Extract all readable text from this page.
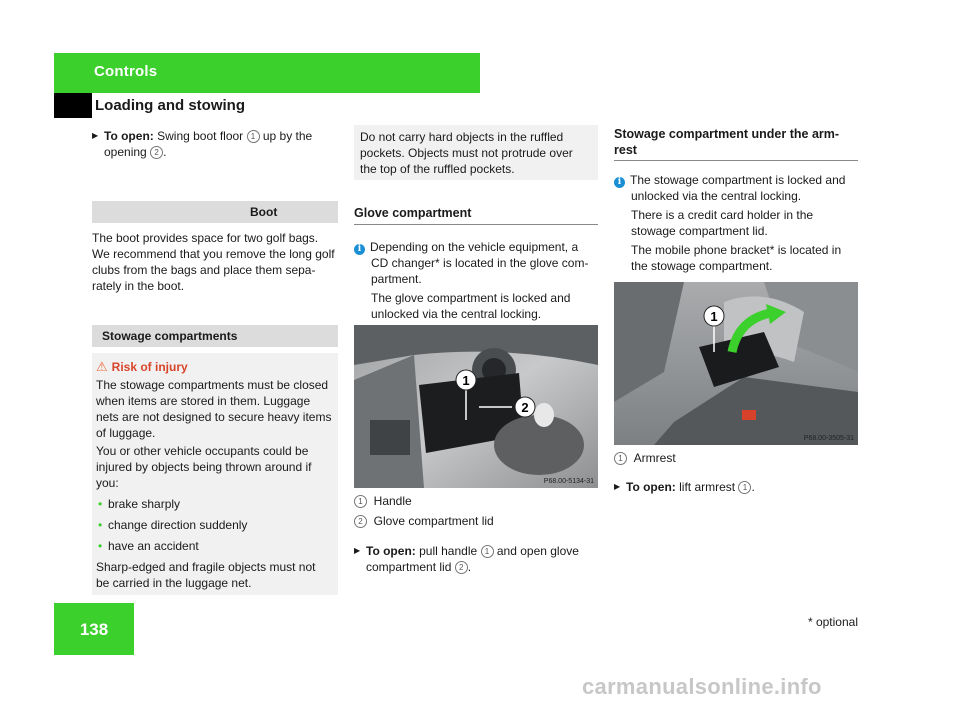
Controls
Loading and stowing

▶ To open: Swing boot floor 1 up by the opening 2 .

Boot

The boot provides space for two golf bags. We recommend that you remove the long golf clubs from the bags and place them sepa-rately in the boot.

Stowage compartments

⚠ Risk of injury

The stowage compartments must be closed when items are stored in them. Luggage nets are not designed to secure heavy items of luggage.

You or other vehicle occupants could be injured by objects being thrown around if you:

• brake sharply

• change direction suddenly

• have an accident

Sharp-edged and fragile objects must not be carried in the luggage net.

Do not carry hard objects in the ruffled pockets. Objects must not protrude over the top of the ruffled pockets.

Glove compartment

i Depending on the vehicle equipment, a CD changer* is located in the glove com-partment.

The glove compartment is locked and unlocked via the central locking.

1
2
P68.00-5134-31

1 Handle

2 Glove compartment lid

▶ To open: pull handle 1 and open glove compartment lid 2 .

Stowage compartment under the arm-rest

i The stowage compartment is locked and unlocked via the central locking.

There is a credit card holder in the stowage compartment lid.

The mobile phone bracket* is located in the stowage compartment.

1
P68.00-3505-31

1 Armrest

▶ To open: lift armrest 1 .

138	* optional
carmanualsonline.info
